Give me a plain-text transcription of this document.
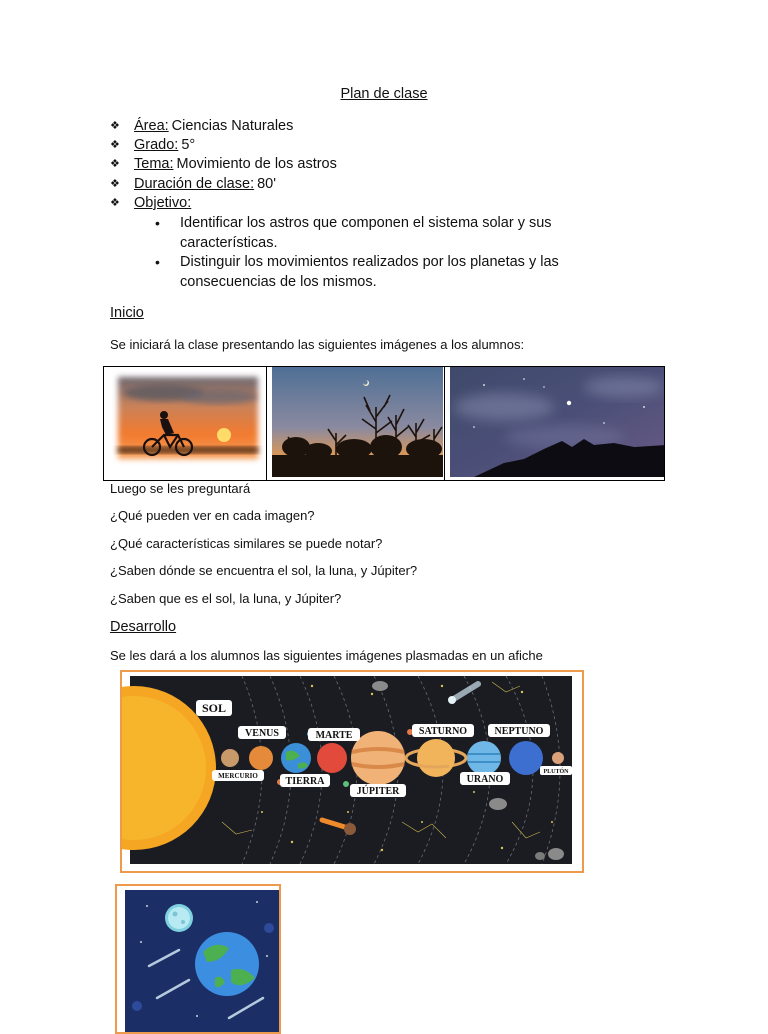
Plan de clase
❖ Área: Ciencias Naturales
❖ Grado: 5°
❖ Tema: Movimiento de los astros
❖ Duración de clase: 80'
❖ Objetivo:
•	Identificar los astros que componen el sistema solar y sus características.
•	Distinguir los movimientos realizados por los planetas y las consecuencias de los mismos.
Inicio
Se iniciará la clase presentando las siguientes imágenes a los alumnos:
Luego se les preguntará
¿Qué pueden ver en cada imagen?
¿Qué características similares se puede notar?
¿Saben dónde se encuentra el sol, la luna, y Júpiter?
¿Saben que es el sol, la luna, y Júpiter?
Desarrollo
Se les dará a los alumnos las siguientes imágenes plasmadas en un afiche
SOL
VENUS	MARTE	SATURNO	NEPTUNO
MERCURIO	TIERRA
JÚPITER
URANO
PLUTÓN
